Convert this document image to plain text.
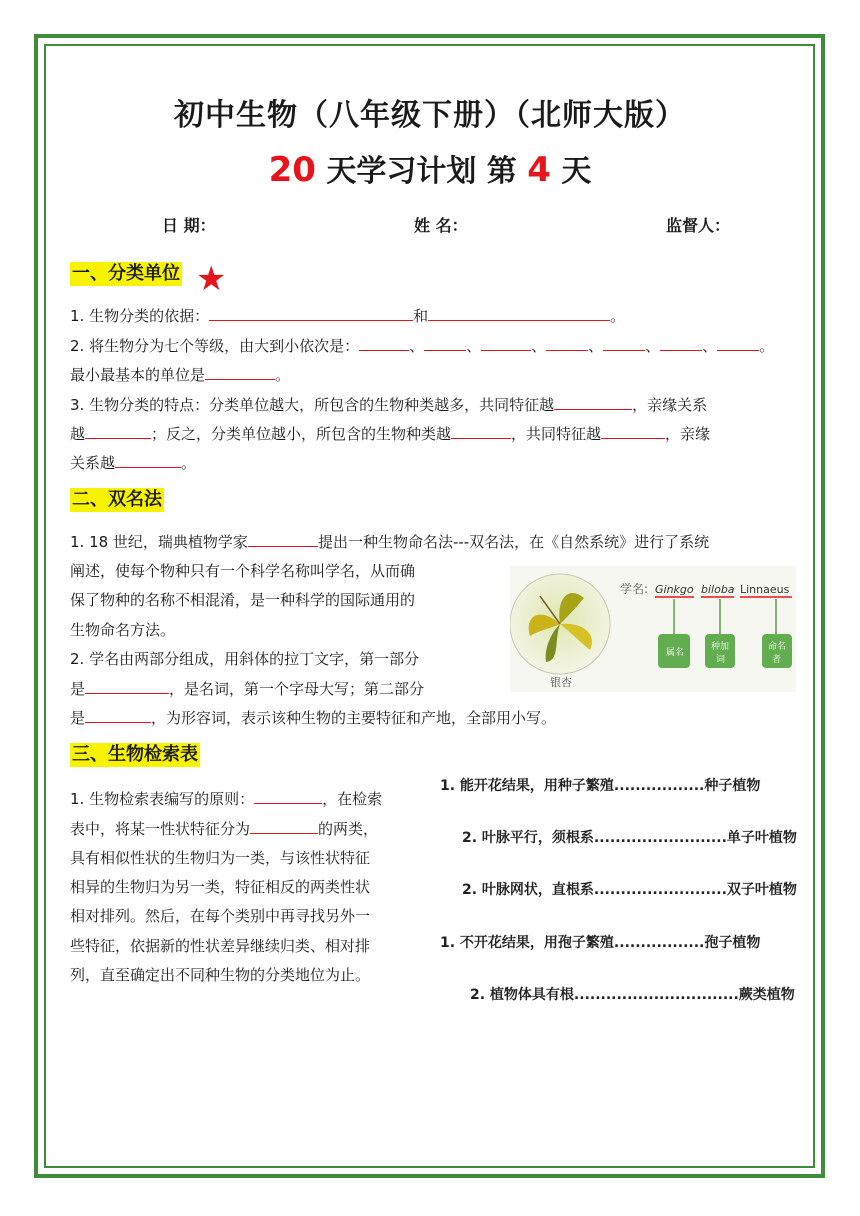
初中生物（八年级下册）（北师大版）
20 天学习计划 第 4 天
日 期：	姓 名：	监督人：
一、分类单位 ★
1. 生物分类的依据：	和	。
2. 将生物分为七个等级，由大到小依次是：	、	、	、	、	、	、	。
最小最基本的单位是	。
3. 生物分类的特点：分类单位越大，所包含的生物种类越多，共同特征越	，亲缘关系
越	；反之，分类单位越小，所包含的生物种类越	，共同特征越	，亲缘
关系越	。
二、双名法
1. 18 世纪，瑞典植物学家	提出一种生物命名法---双名法，在《自然系统》进行了系统
阐述，使每个物种只有一个科学名称叫学名，从而确
保了物种的名称不相混淆，是一种科学的国际通用的
生物命名方法。
2. 学名由两部分组成，用斜体的拉丁文字，第一部分
是	，是名词，第一个字母大写；第二部分
是	，为形容词，表示该种生物的主要特征和产地，全部用小写。
银杏
学名: Ginkgo biloba Linnaeus
属名
种加
词
命名
者
三、生物检索表
1. 生物检索表编写的原则：	，在检索
表中，将某一性状特征分为	的两类，
具有相似性状的生物归为一类，与该性状特征
相异的生物归为另一类，特征相反的两类性状
相对排列。然后，在每个类别中再寻找另外一
些特征，依据新的性状差异继续归类、相对排
列，直至确定出不同种生物的分类地位为止。
1. 能开花结果，用种子繁殖.................种子植物
2. 叶脉平行，须根系.........................单子叶植物
2. 叶脉网状，直根系.........................双子叶植物
1. 不开花结果，用孢子繁殖.................孢子植物
2. 植物体具有根...............................蕨类植物
